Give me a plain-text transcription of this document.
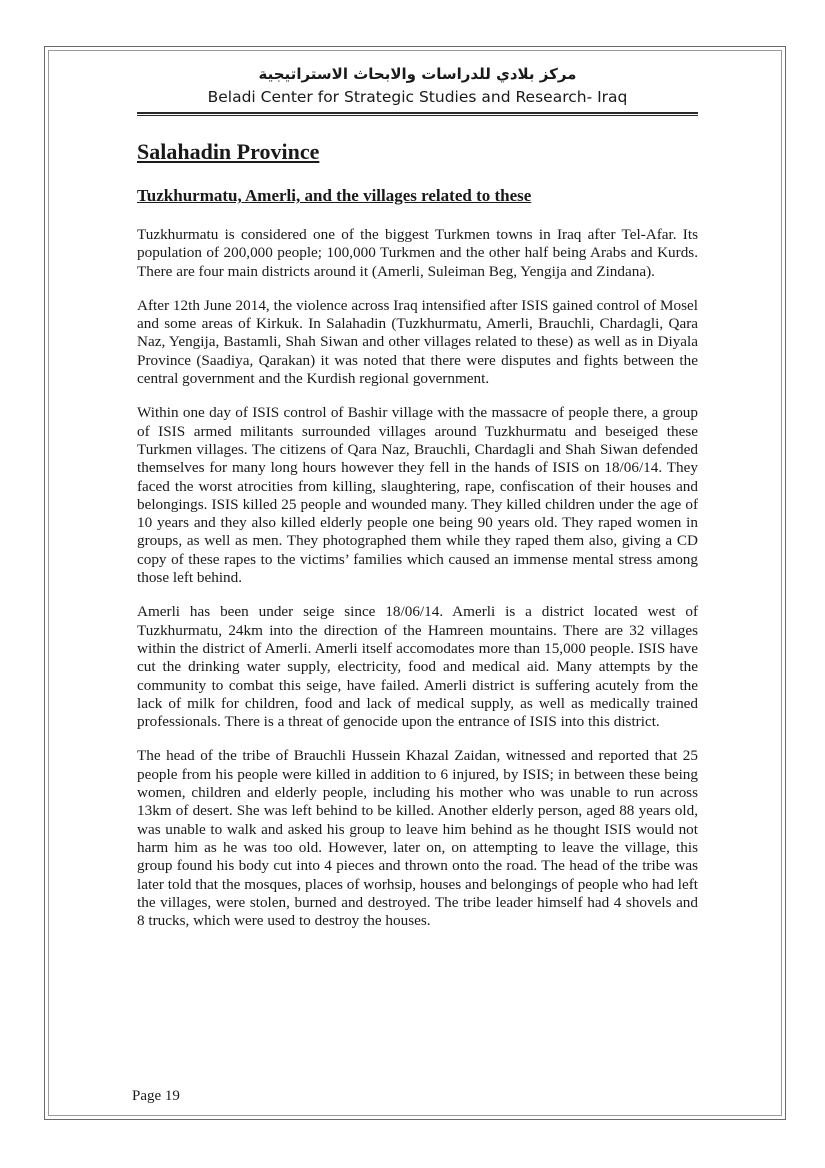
مركز بلادي للدراسات والابحاث الاستراتيجية
Beladi Center for Strategic Studies and Research- Iraq
Salahadin Province
Tuzkhurmatu, Amerli, and the villages related to these

Tuzkhurmatu is considered one of the biggest Turkmen towns in Iraq after Tel-Afar. Its population of 200,000 people; 100,000 Turkmen and the other half being Arabs and Kurds. There are four main districts around it (Amerli, Suleiman Beg, Yengija and Zindana).

After 12th June 2014, the violence across Iraq intensified after ISIS gained control of Mosel and some areas of Kirkuk. In Salahadin (Tuzkhurmatu, Amerli, Brauchli, Chardagli, Qara Naz, Yengija, Bastamli, Shah Siwan and other villages related to these) as well as in Diyala Province (Saadiya, Qarakan) it was noted that there were disputes and fights between the central government and the Kurdish regional government.

Within one day of ISIS control of Bashir village with the massacre of people there, a group of ISIS armed militants surrounded villages around Tuzkhurmatu and beseiged these Turkmen villages. The citizens of Qara Naz, Brauchli, Chardagli and Shah Siwan defended themselves for many long hours however they fell in the hands of ISIS on 18/06/14. They faced the worst atrocities from killing, slaughtering, rape, confiscation of their houses and belongings. ISIS killed 25 people and wounded many. They killed children under the age of 10 years and they also killed elderly people one being 90 years old. They raped women in groups, as well as men. They photographed them while they raped them also, giving a CD copy of these rapes to the victims’ families which caused an immense mental stress among those left behind.

Amerli has been under seige since 18/06/14. Amerli is a district located west of Tuzkhurmatu, 24km into the direction of the Hamreen mountains. There are 32 villages within the district of Amerli. Amerli itself accomodates more than 15,000 people. ISIS have cut the drinking water supply, electricity, food and medical aid. Many attempts by the community to combat this seige, have failed. Amerli district is suffering acutely from the lack of milk for children, food and lack of medical supply, as well as medically trained professionals. There is a threat of genocide upon the entrance of ISIS into this district.

The head of the tribe of Brauchli Hussein Khazal Zaidan, witnessed and reported that 25 people from his people were killed in addition to 6 injured, by ISIS; in between these being women, children and elderly people, including his mother who was unable to run across 13km of desert. She was left behind to be killed. Another elderly person, aged 88 years old, was unable to walk and asked his group to leave him behind as he thought ISIS would not harm him as he was too old. However, later on, on attempting to leave the village, this group found his body cut into 4 pieces and thrown onto the road. The head of the tribe was later told that the mosques, places of worhsip, houses and belongings of people who had left the villages, were stolen, burned and destroyed. The tribe leader himself had 4 shovels and 8 trucks, which were used to destroy the houses.

Page 19
